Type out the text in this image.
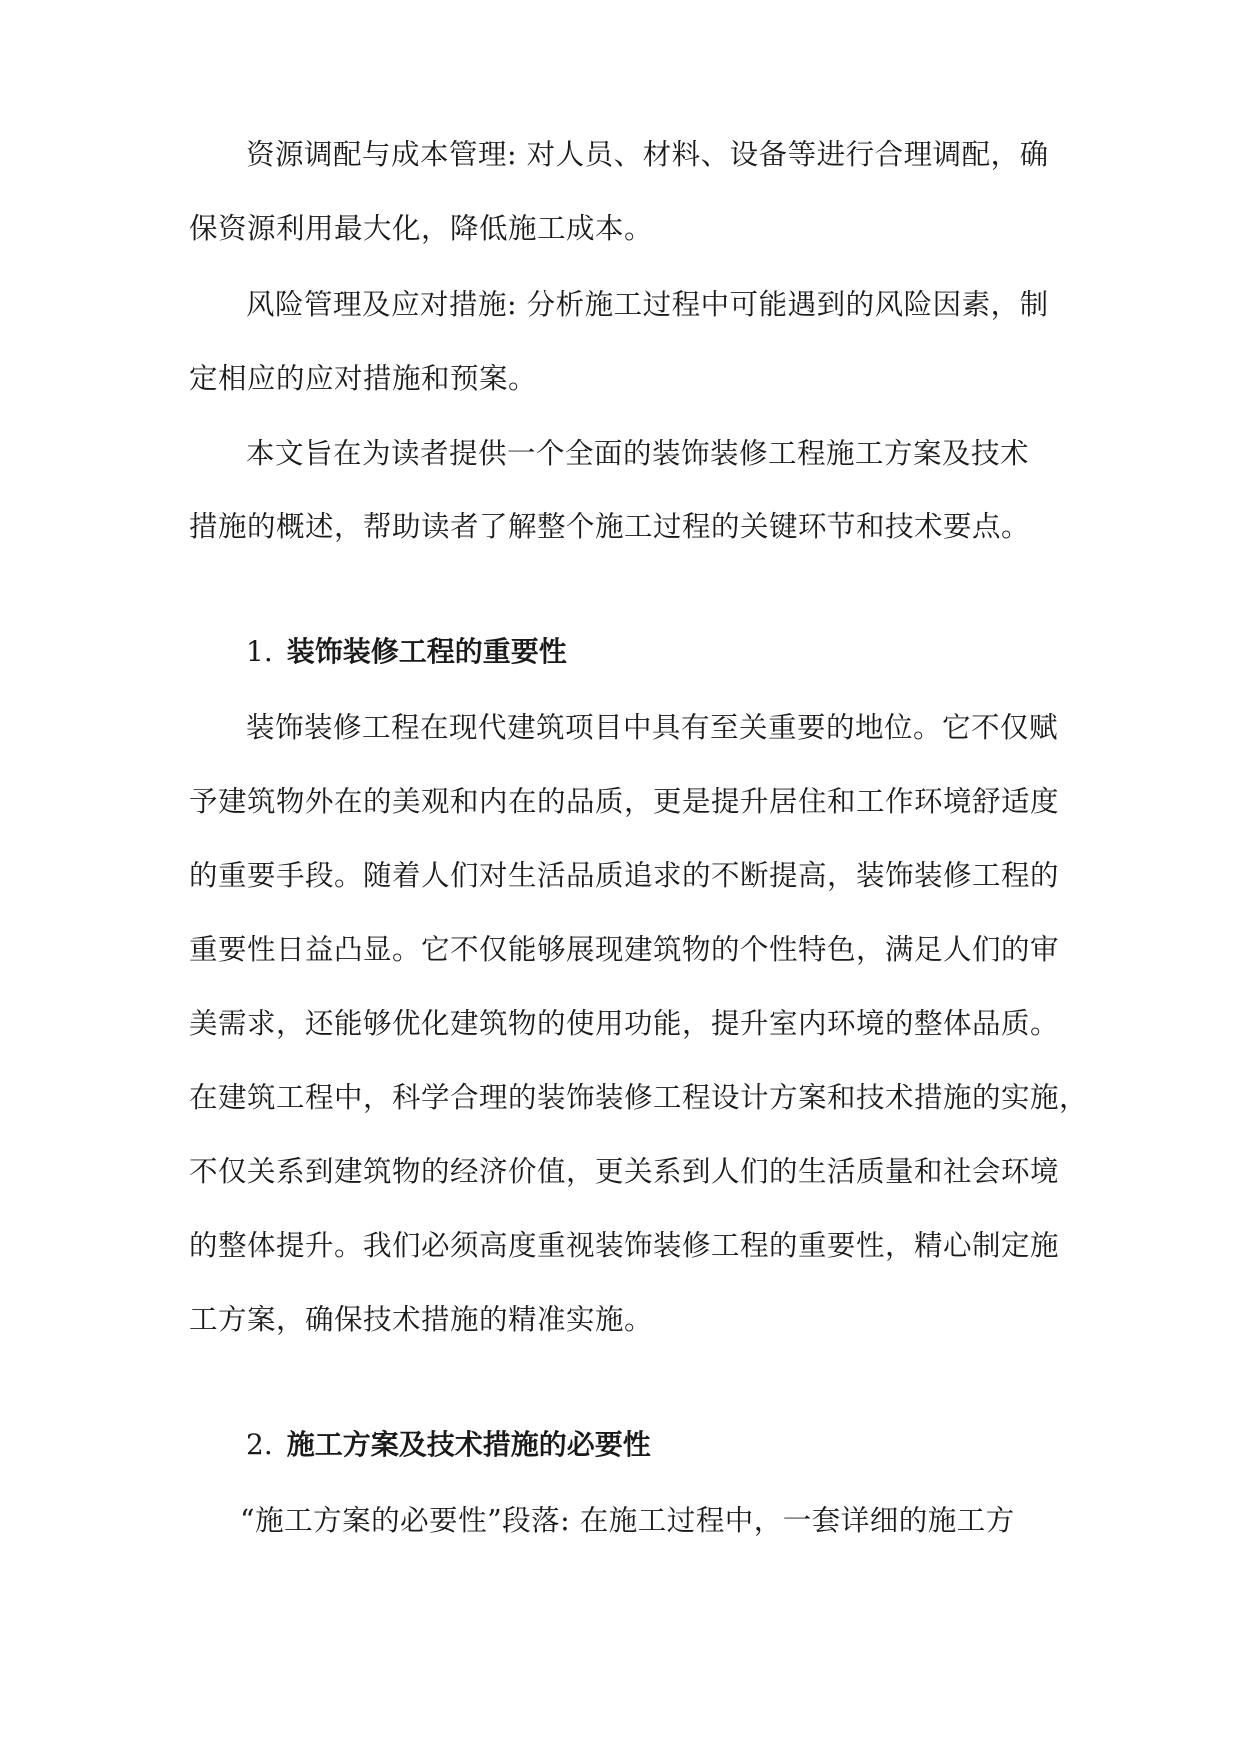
资源调配与成本管理: 对人员、材料、设备等进行合理调配，确
保资源利用最大化，降低施工成本。
风险管理及应对措施: 分析施工过程中可能遇到的风险因素，制
定相应的应对措施和预案。
本文旨在为读者提供一个全面的装饰装修工程施工方案及技术
措施的概述，帮助读者了解整个施工过程的关键环节和技术要点。
1. 装饰装修工程的重要性
装饰装修工程在现代建筑项目中具有至关重要的地位。它不仅赋
予建筑物外在的美观和内在的品质，更是提升居住和工作环境舒适度
的重要手段。随着人们对生活品质追求的不断提高，装饰装修工程的
重要性日益凸显。它不仅能够展现建筑物的个性特色，满足人们的审
美需求，还能够优化建筑物的使用功能，提升室内环境的整体品质。
在建筑工程中，科学合理的装饰装修工程设计方案和技术措施的实施，
不仅关系到建筑物的经济价值，更关系到人们的生活质量和社会环境
的整体提升。我们必须高度重视装饰装修工程的重要性，精心制定施
工方案，确保技术措施的精准实施。
2. 施工方案及技术措施的必要性
“施工方案的必要性”段落: 在施工过程中，一套详细的施工方
